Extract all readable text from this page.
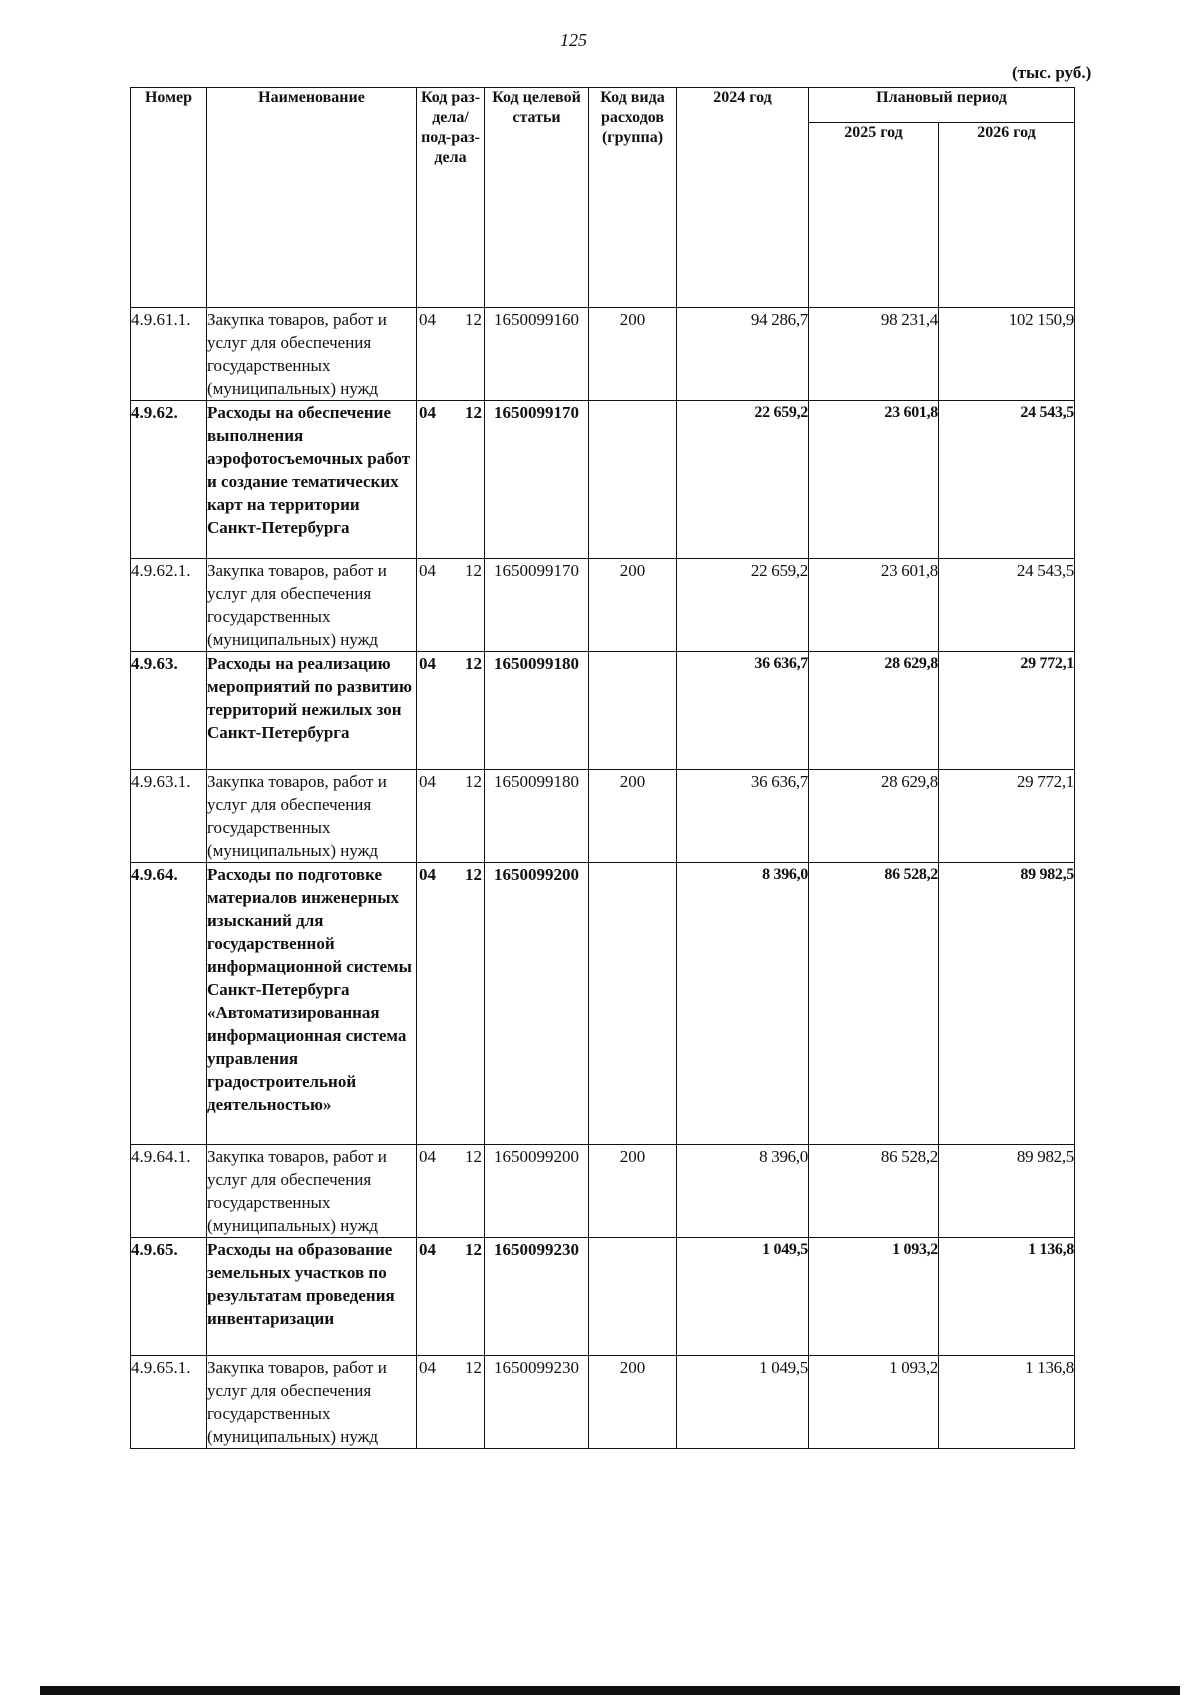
125
(тыс. руб.)
Номер	Наименование	Код раз-дела/ под-раз-дела	Код целевой статьи	Код вида расходов (группа)	2024 год	Плановый период	
						2025 год	2026 год
4.9.61.1.	Закупка товаров, работ и услуг для обеспечения государственных (муниципальных) нужд	04 12	1650099160	200	94 286,7	98 231,4	102 150,9
4.9.62.	Расходы на обеспечение выполнения аэрофотосъемочных работ и создание тематических карт на территории Санкт-Петербурга	04 12	1650099170		22 659,2	23 601,8	24 543,5
4.9.62.1.	Закупка товаров, работ и услуг для обеспечения государственных (муниципальных) нужд	04 12	1650099170	200	22 659,2	23 601,8	24 543,5
4.9.63.	Расходы на реализацию мероприятий по развитию территорий нежилых зон Санкт-Петербурга	04 12	1650099180		36 636,7	28 629,8	29 772,1
4.9.63.1.	Закупка товаров, работ и услуг для обеспечения государственных (муниципальных) нужд	04 12	1650099180	200	36 636,7	28 629,8	29 772,1
4.9.64.	Расходы по подготовке материалов инженерных изысканий для государственной информационной системы Санкт-Петербурга «Автоматизированная информационная система управления градостроительной деятельностью»	04 12	1650099200		8 396,0	86 528,2	89 982,5
4.9.64.1.	Закупка товаров, работ и услуг для обеспечения государственных (муниципальных) нужд	04 12	1650099200	200	8 396,0	86 528,2	89 982,5
4.9.65.	Расходы на образование земельных участков по результатам проведения инвентаризации	04 12	1650099230		1 049,5	1 093,2	1 136,8
4.9.65.1.	Закупка товаров, работ и услуг для обеспечения государственных (муниципальных) нужд	04 12	1650099230	200	1 049,5	1 093,2	1 136,8
